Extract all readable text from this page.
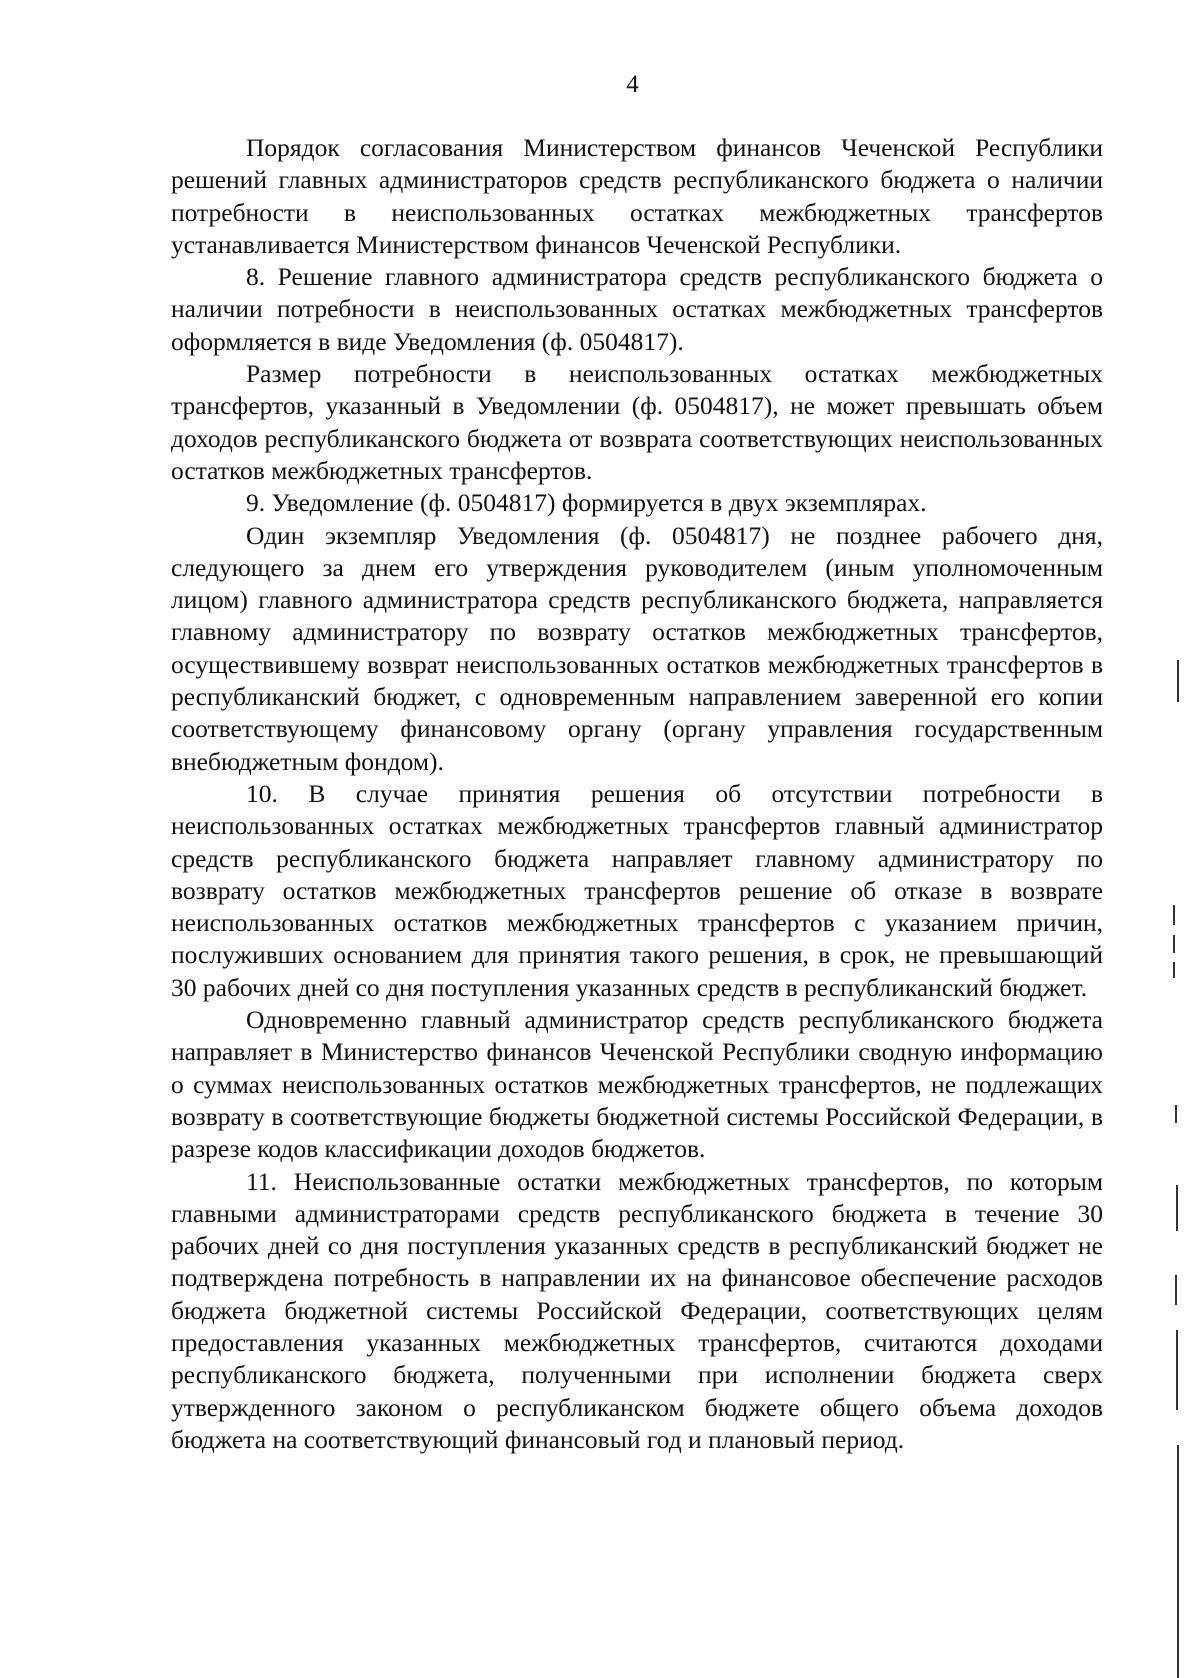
4

Порядок согласования Министерством финансов Чеченской Республики решений главных администраторов средств республиканского бюджета о наличии потребности в неиспользованных остатках межбюджетных трансфертов устанавливается Министерством финансов Чеченской Республики.

8. Решение главного администратора средств республиканского бюджета о наличии потребности в неиспользованных остатках межбюджетных трансфертов оформляется в виде Уведомления (ф. 0504817).

Размер потребности в неиспользованных остатках межбюджетных трансфертов, указанный в Уведомлении (ф. 0504817), не может превышать объем доходов республиканского бюджета от возврата соответствующих неиспользованных остатков межбюджетных трансфертов.

9. Уведомление (ф. 0504817) формируется в двух экземплярах.

Один экземпляр Уведомления (ф. 0504817) не позднее рабочего дня, следующего за днем его утверждения руководителем (иным уполномоченным лицом) главного администратора средств республиканского бюджета, направляется главному администратору по возврату остатков межбюджетных трансфертов, осуществившему возврат неиспользованных остатков межбюджетных трансфертов в республиканский бюджет, с одновременным направлением заверенной его копии соответствующему финансовому органу (органу управления государственным внебюджетным фондом).

10. В случае принятия решения об отсутствии потребности в неиспользованных остатках межбюджетных трансфертов главный администратор средств республиканского бюджета направляет главному администратору по возврату остатков межбюджетных трансфертов решение об отказе в возврате неиспользованных остатков межбюджетных трансфертов с указанием причин, послуживших основанием для принятия такого решения, в срок, не превышающий 30 рабочих дней со дня поступления указанных средств в республиканский бюджет.

Одновременно главный администратор средств республиканского бюджета направляет в Министерство финансов Чеченской Республики сводную информацию о суммах неиспользованных остатков межбюджетных трансфертов, не подлежащих возврату в соответствующие бюджеты бюджетной системы Российской Федерации, в разрезе кодов классификации доходов бюджетов.

11. Неиспользованные остатки межбюджетных трансфертов, по которым главными администраторами средств республиканского бюджета в течение 30 рабочих дней со дня поступления указанных средств в республиканский бюджет не подтверждена потребность в направлении их на финансовое обеспечение расходов бюджета бюджетной системы Российской Федерации, соответствующих целям предоставления указанных межбюджетных трансфертов, считаются доходами республиканского бюджета, полученными при исполнении бюджета сверх утвержденного законом о республиканском бюджете общего объема доходов бюджета на соответствующий финансовый год и плановый период.
